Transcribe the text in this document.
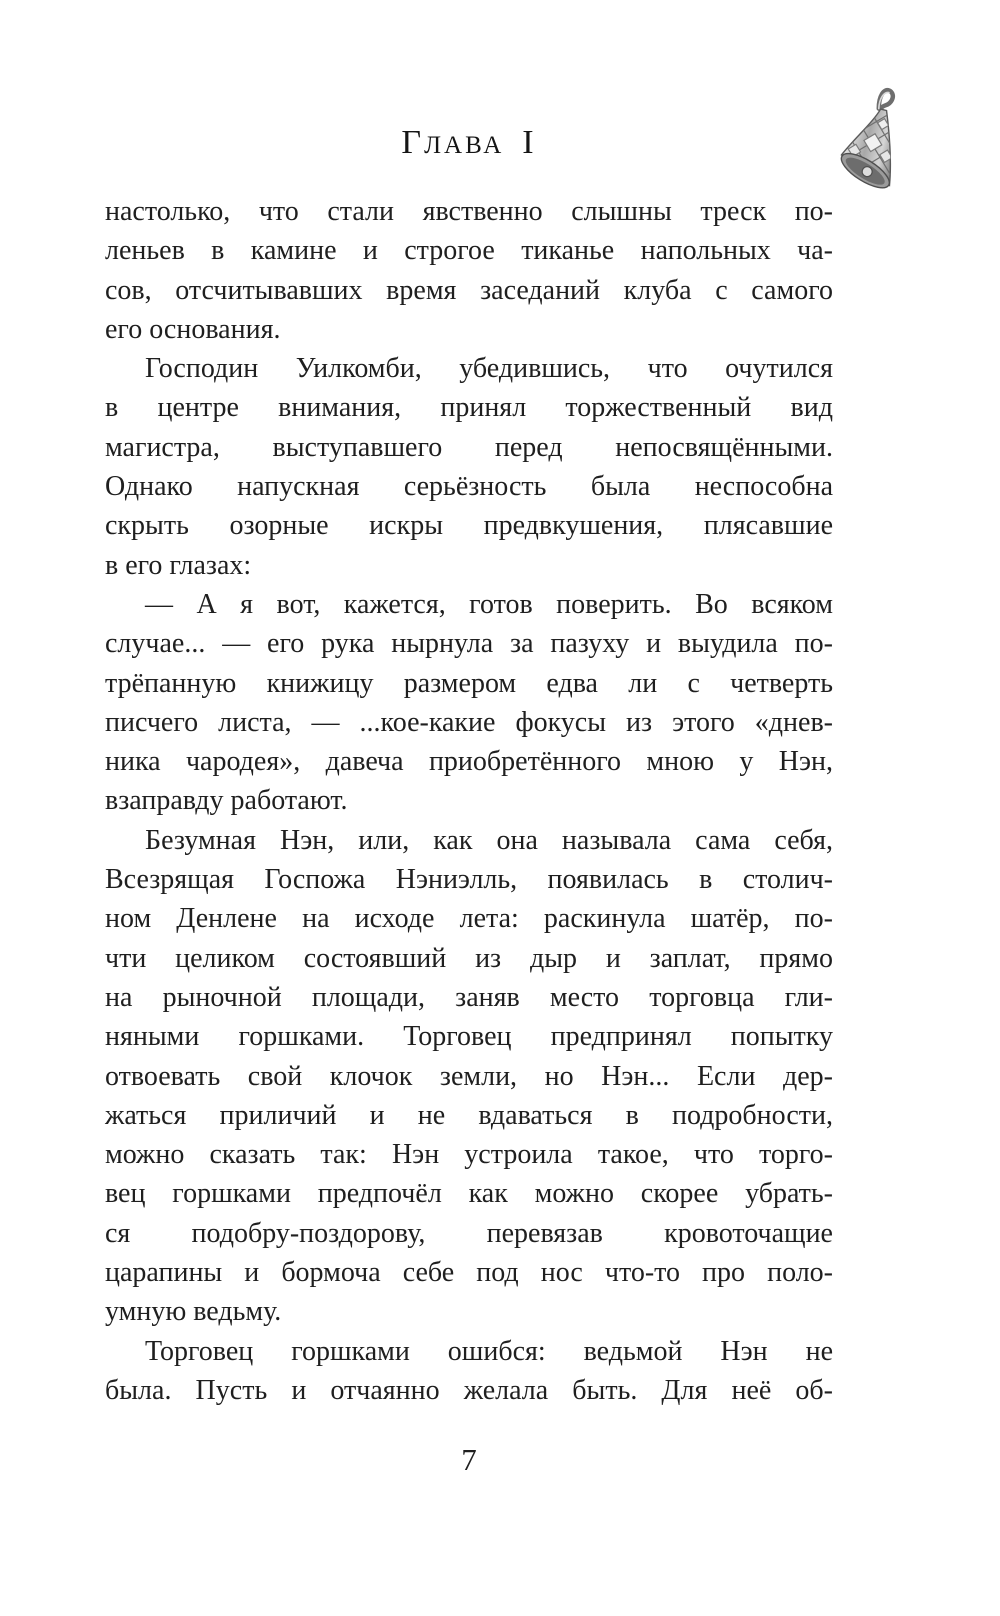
ГЛАВА I
настолько, что стали явственно слышны треск по-
леньев в камине и строгое тиканье напольных ча-
сов, отсчитывавших время заседаний клуба с самого
его основания.
Господин Уилкомби, убедившись, что очутился
в центре внимания, принял торжественный вид
магистра, выступавшего перед непосвящёнными.
Однако напускная серьёзность была неспособна
скрыть озорные искры предвкушения, плясавшие
в его глазах:
— А я вот, кажется, готов поверить. Во всяком
случае... — его рука нырнула за пазуху и выудила по-
трёпанную книжицу размером едва ли с четверть
писчего листа, — ...кое-какие фокусы из этого «днев-
ника чародея», давеча приобретённого мною у Нэн,
взаправду работают.
Безумная Нэн, или, как она называла сама себя,
Всезрящая Госпожа Нэниэлль, появилась в столич-
ном Денлене на исходе лета: раскинула шатёр, по-
чти целиком состоявший из дыр и заплат, прямо
на рыночной площади, заняв место торговца гли-
няными горшками. Торговец предпринял попытку
отвоевать свой клочок земли, но Нэн... Если дер-
жаться приличий и не вдаваться в подробности,
можно сказать так: Нэн устроила такое, что торго-
вец горшками предпочёл как можно скорее убрать-
ся подобру-поздорову, перевязав кровоточащие
царапины и бормоча себе под нос что-то про поло-
умную ведьму.
Торговец горшками ошибся: ведьмой Нэн не
была. Пусть и отчаянно желала быть. Для неё об-
7
